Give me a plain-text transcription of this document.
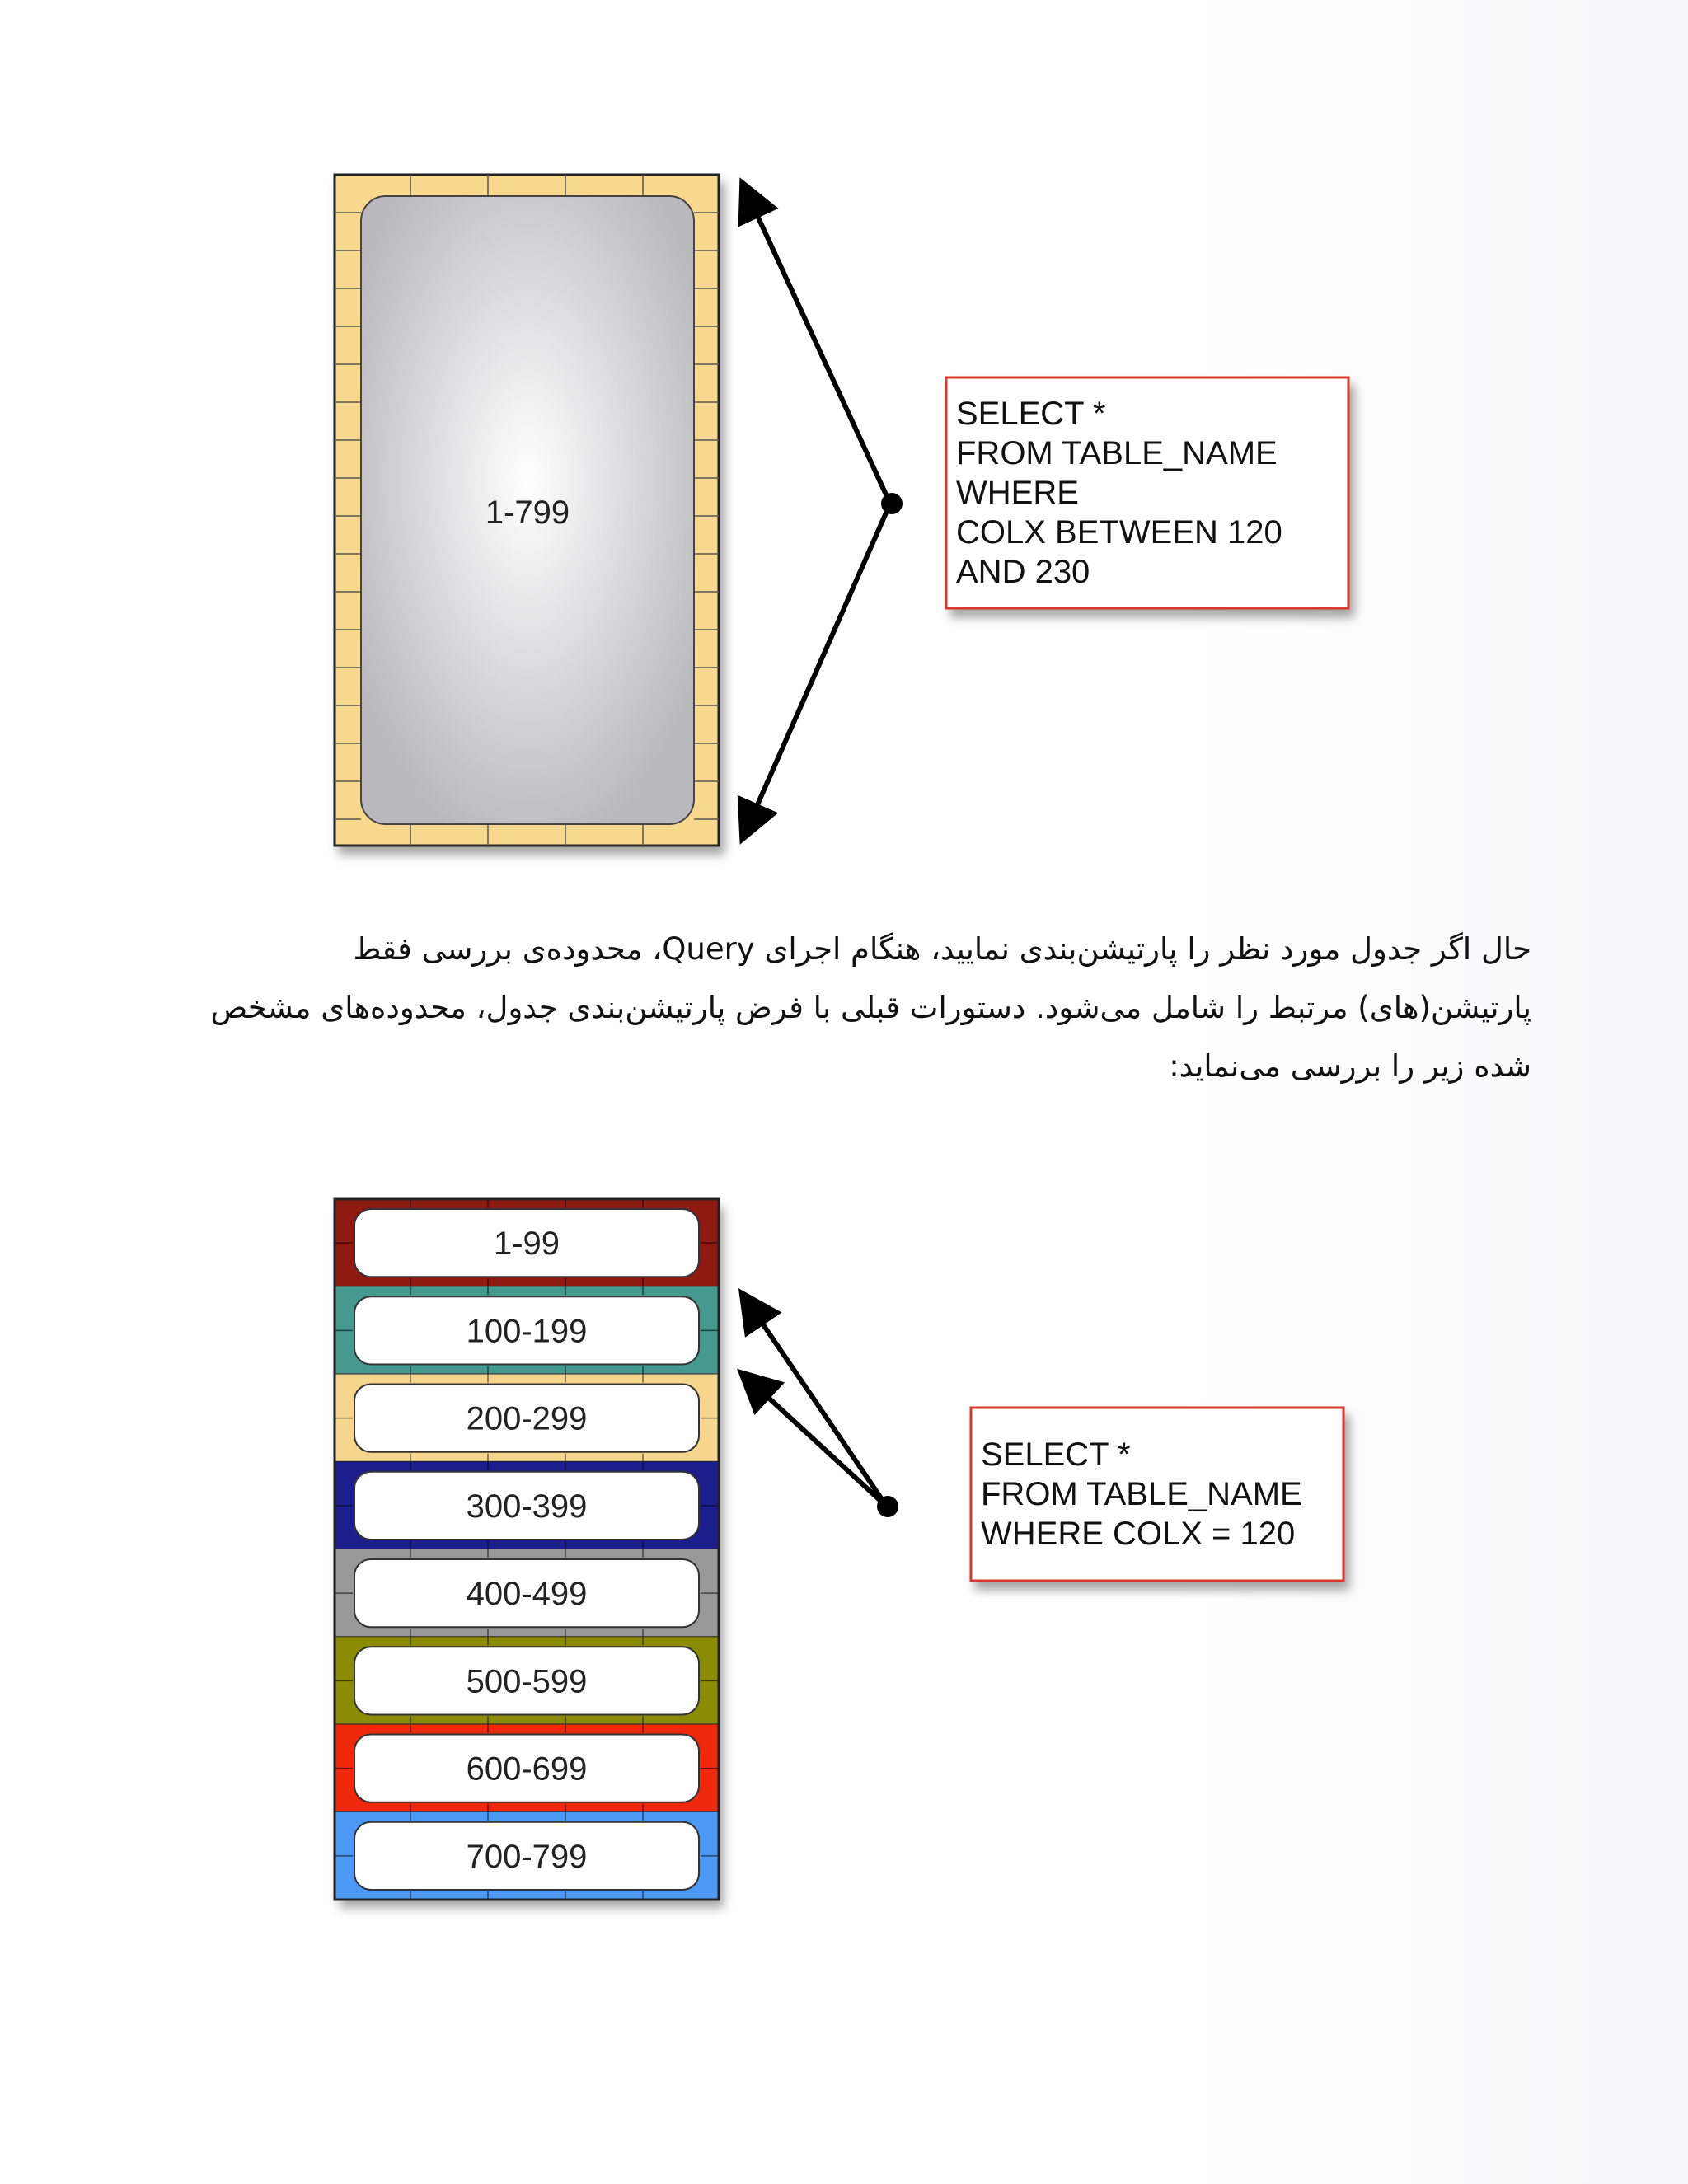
1-799
SELECT *
FROM TABLE_NAME
WHERE
COLX BETWEEN 120
AND 230

حال اگر جدول مورد نظر را پارتیشن‌بندی نمایید، هنگام اجرای Query، محدوده‌ی بررسی فقط

پارتیشن(های) مرتبط را شامل می‌شود. دستورات قبلی با فرض پارتیشن‌بندی جدول، محدوده‌های مشخص

شده زیر را بررسی می‌نماید:

1-99
100-199
200-299
300-399
400-499
500-599
600-699
700-799
SELECT *
FROM TABLE_NAME
WHERE COLX = 120
